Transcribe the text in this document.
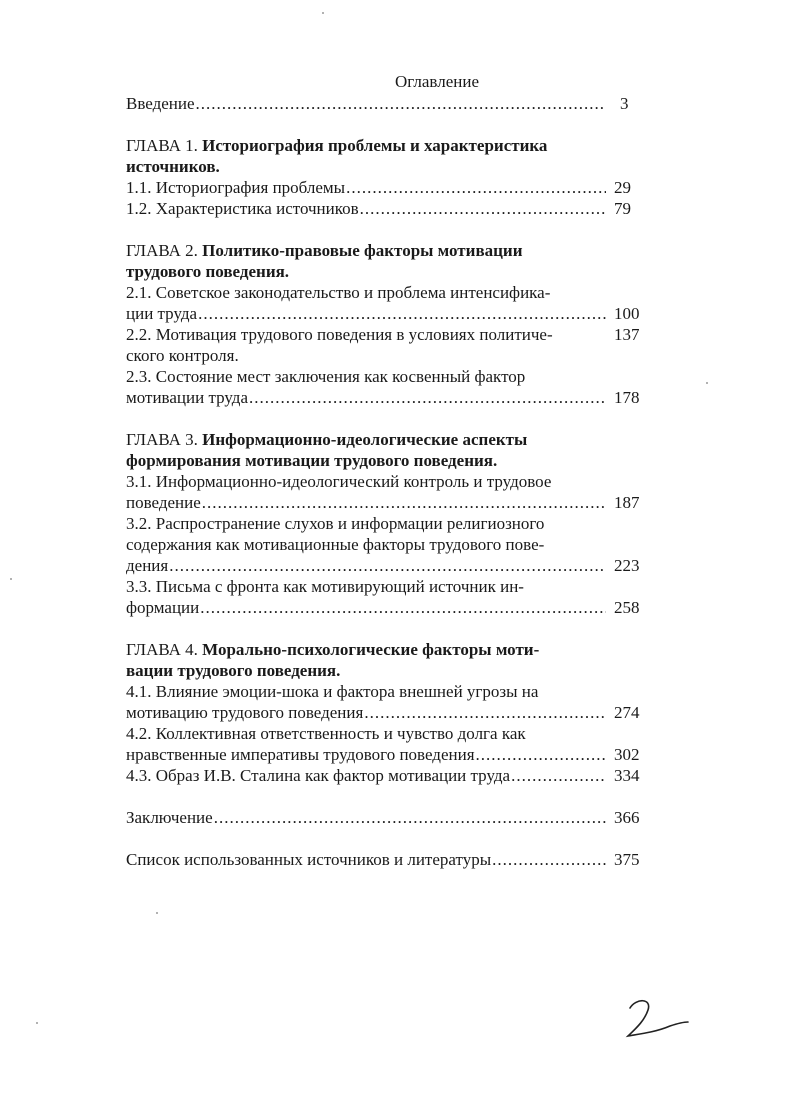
Оглавление
Введение .....	3
ГЛАВА 1. Историография проблемы и характеристика
источников.
1.1. Историография проблемы .....	29
1.2. Характеристика источников .....	79
ГЛАВА 2. Политико-правовые факторы мотивации
трудового поведения.
2.1. Советское законодательство и проблема интенсифика-
ции труда .....	100
2.2. Мотивация трудового поведения в условиях политиче-	137
ского контроля.
2.3. Состояние мест заключения как косвенный фактор
мотивации труда .....	178
ГЛАВА 3. Информационно-идеологические аспекты
формирования мотивации трудового поведения.
3.1. Информационно-идеологический контроль и трудовое
поведение .....	187
3.2. Распространение слухов и информации религиозного
содержания как мотивационные факторы трудового пове-
дения .....	223
3.3. Письма с фронта как мотивирующий источник ин-
формации .....	258
ГЛАВА 4. Морально-психологические факторы моти-
вации трудового поведения.
4.1. Влияние эмоции-шока и фактора внешней угрозы на
мотивацию трудового поведения .....	274
4.2. Коллективная ответственность и чувство долга как
нравственные императивы трудового поведения .....	302
4.3. Образ И.В. Сталина как фактор мотивации труда .....	334
Заключение .....	366
Список использованных источников и литературы .....	375
